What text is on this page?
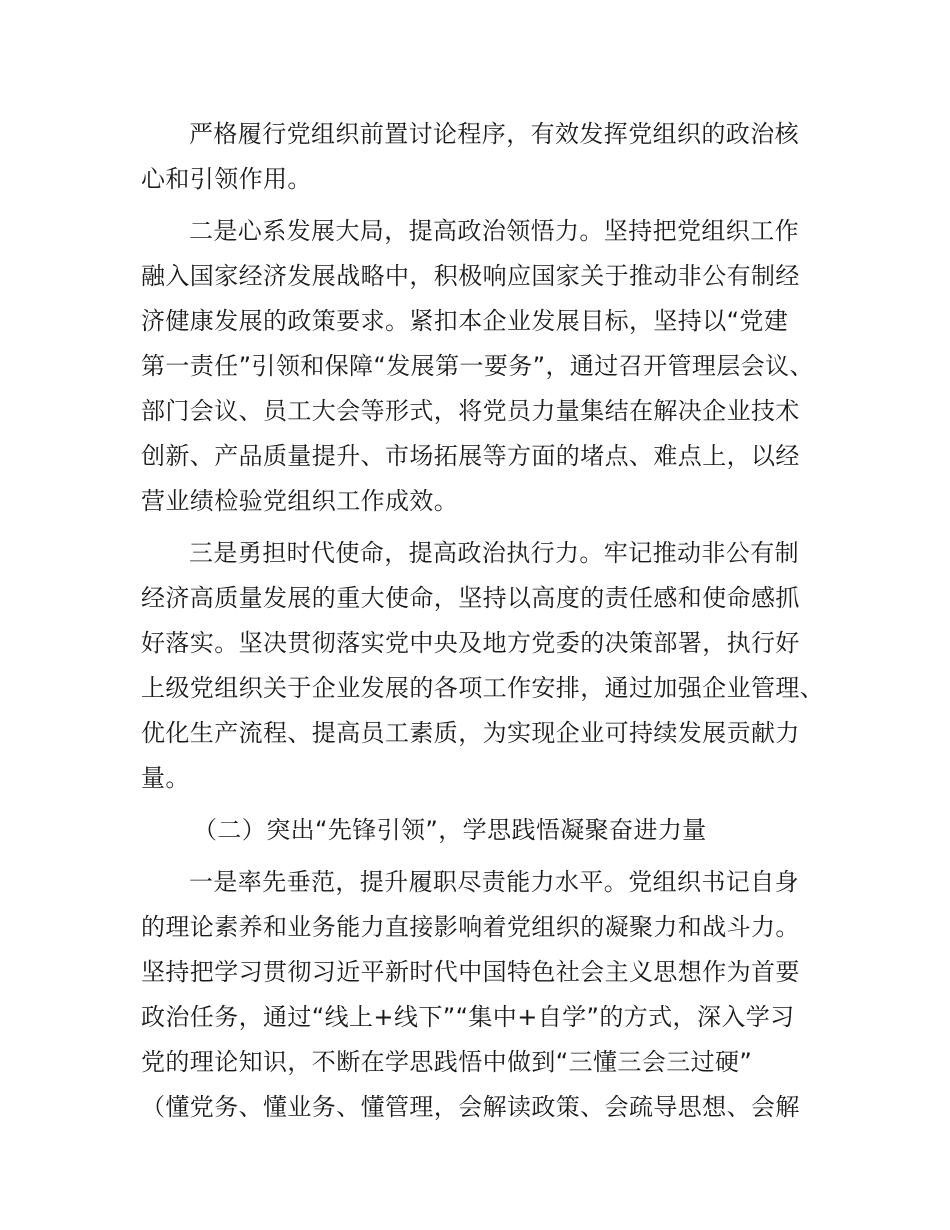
严格履行党组织前置讨论程序，有效发挥党组织的政治核
心和引领作用。
二是心系发展大局，提高政治领悟力。坚持把党组织工作
融入国家经济发展战略中，积极响应国家关于推动非公有制经
济健康发展的政策要求。紧扣本企业发展目标，坚持以“党建
第一责任”引领和保障“发展第一要务”，通过召开管理层会议、
部门会议、员工大会等形式，将党员力量集结在解决企业技术
创新、产品质量提升、市场拓展等方面的堵点、难点上，以经
营业绩检验党组织工作成效。
三是勇担时代使命，提高政治执行力。牢记推动非公有制
经济高质量发展的重大使命，坚持以高度的责任感和使命感抓
好落实。坚决贯彻落实党中央及地方党委的决策部署，执行好
上级党组织关于企业发展的各项工作安排，通过加强企业管理、
优化生产流程、提高员工素质，为实现企业可持续发展贡献力
量。
（二）突出“先锋引领”，学思践悟凝聚奋进力量
一是率先垂范，提升履职尽责能力水平。党组织书记自身
的理论素养和业务能力直接影响着党组织的凝聚力和战斗力。
坚持把学习贯彻习近平新时代中国特色社会主义思想作为首要
政治任务，通过“线上+线下”“集中+自学”的方式，深入学习
党的理论知识，不断在学思践悟中做到“三懂三会三过硬”
（懂党务、懂业务、懂管理，会解读政策、会疏导思想、会解
